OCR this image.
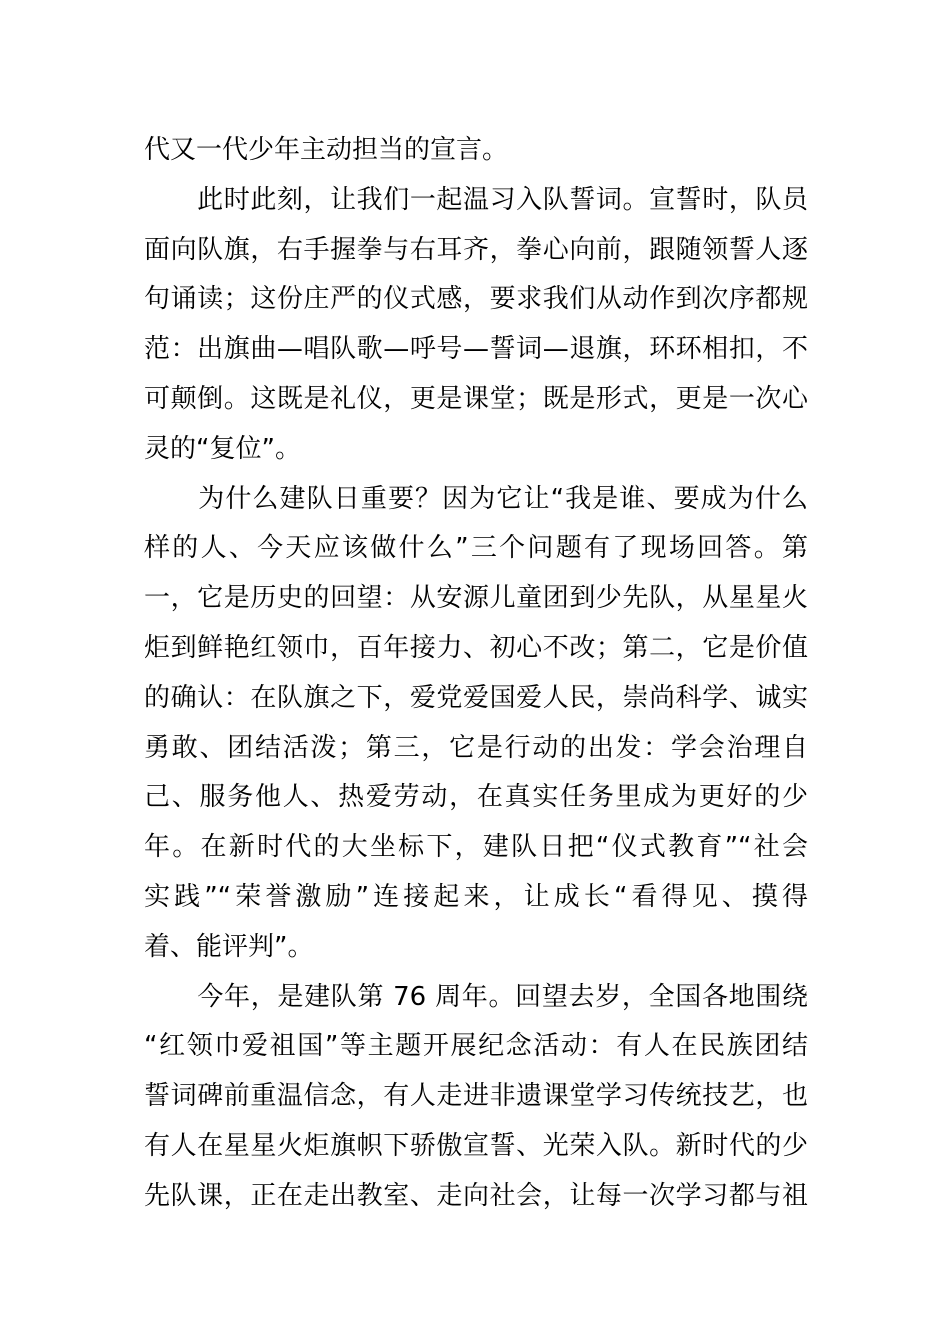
代又一代少年主动担当的宣言。
　　此时此刻，让我们一起温习入队誓词。宣誓时，队员
面向队旗，右手握拳与右耳齐，拳心向前，跟随领誓人逐
句诵读；这份庄严的仪式感，要求我们从动作到次序都规
范：出旗曲—唱队歌—呼号—誓词—退旗，环环相扣，不
可颠倒。这既是礼仪，更是课堂；既是形式，更是一次心
灵的“复位”。
　　为什么建队日重要？因为它让“我是谁、要成为什么
样的人、今天应该做什么”三个问题有了现场回答。第
一，它是历史的回望：从安源儿童团到少先队，从星星火
炬到鲜艳红领巾，百年接力、初心不改；第二，它是价值
的确认：在队旗之下，爱党爱国爱人民，崇尚科学、诚实
勇敢、团结活泼；第三，它是行动的出发：学会治理自
己、服务他人、热爱劳动，在真实任务里成为更好的少
年。在新时代的大坐标下，建队日把“仪式教育”“社会
实践”“荣誉激励”连接起来，让成长“看得见、摸得
着、能评判”。
　　今年，是建队第 76 周年。回望去岁，全国各地围绕
“红领巾爱祖国”等主题开展纪念活动：有人在民族团结
誓词碑前重温信念，有人走进非遗课堂学习传统技艺，也
有人在星星火炬旗帜下骄傲宣誓、光荣入队。新时代的少
先队课，正在走出教室、走向社会，让每一次学习都与祖
